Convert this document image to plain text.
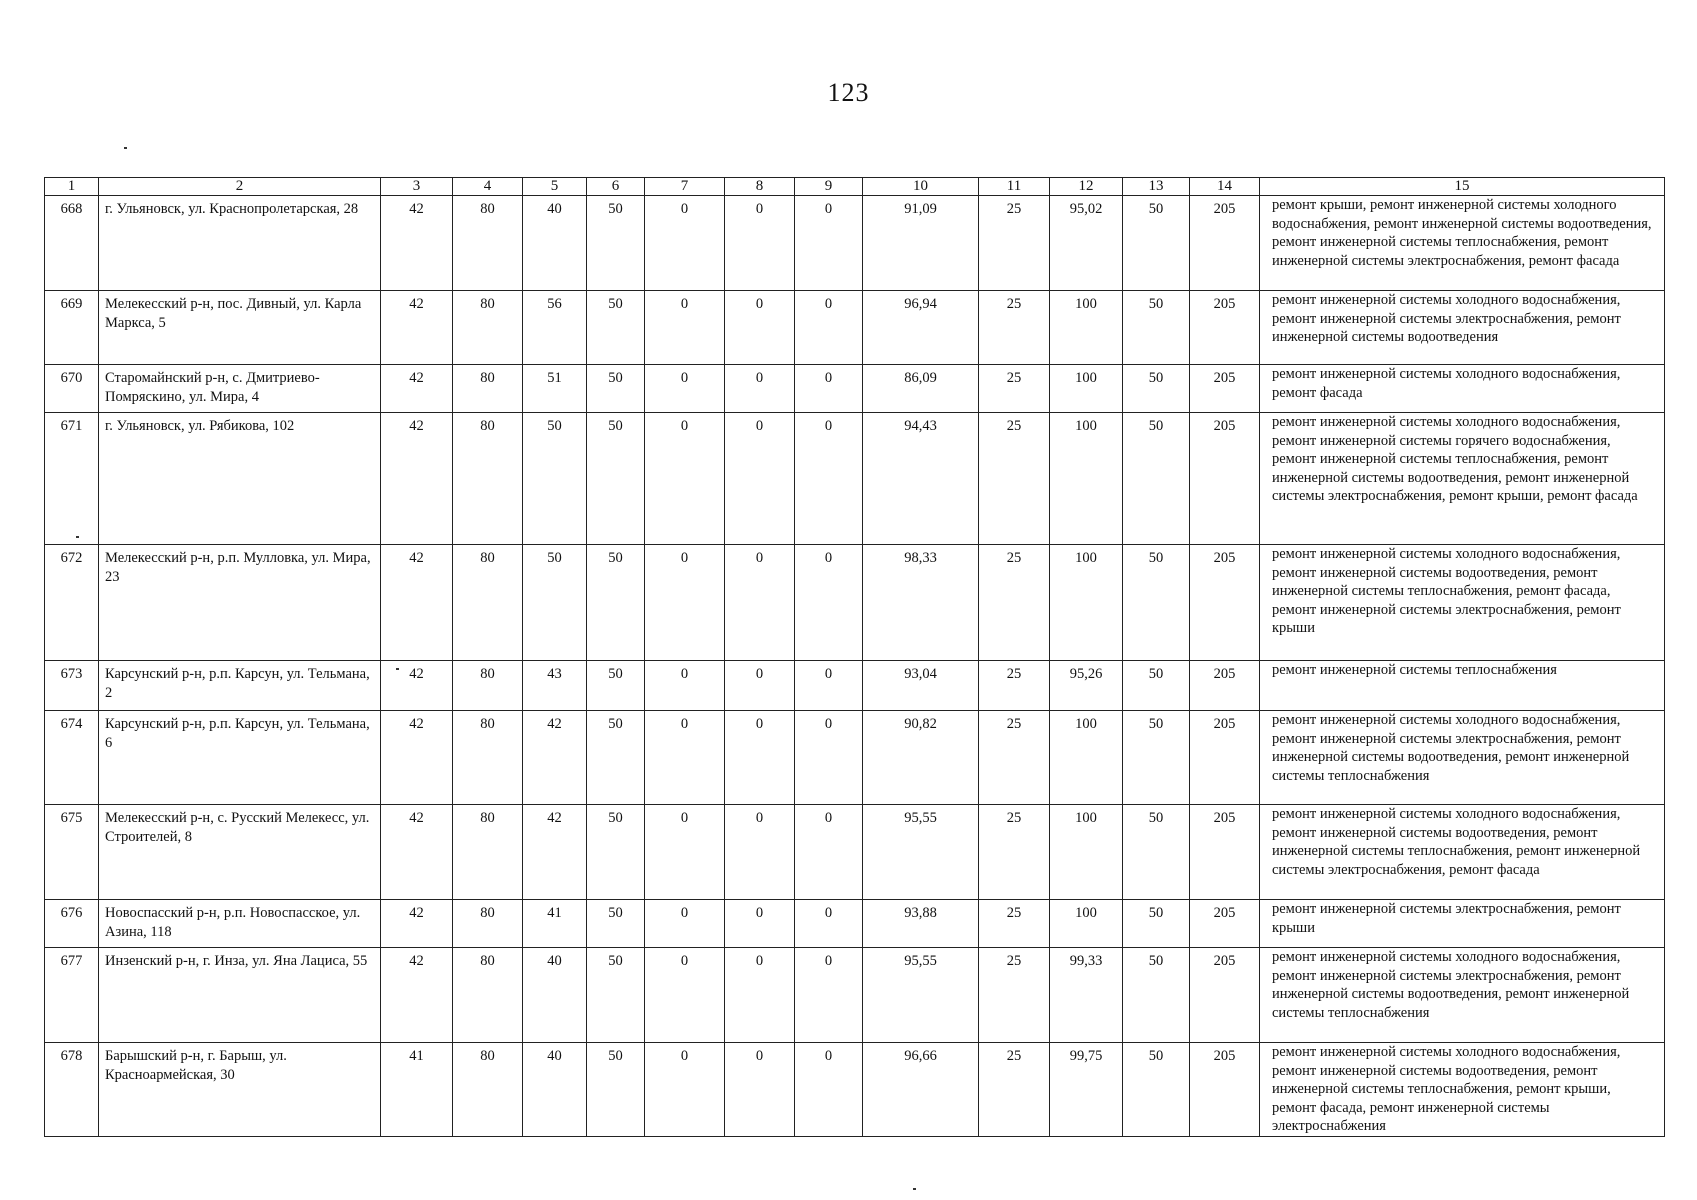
123
1	2	3	4	5	6	7	8	9	10	11	12	13	14	15
668	г. Ульяновск, ул. Краснопролетарская, 28	42	80	40	50	0	0	0	91,09	25	95,02	50	205	ремонт крыши, ремонт инженерной системы холодного водоснабжения, ремонт инженерной системы водоотведения, ремонт инженерной системы теплоснабжения, ремонт инженерной системы электроснабжения, ремонт фасада
669	Мелекесский р-н, пос. Дивный, ул. Карла Маркса, 5	42	80	56	50	0	0	0	96,94	25	100	50	205	ремонт инженерной системы холодного водоснабжения, ремонт инженерной системы электроснабжения, ремонт инженерной системы водоотведения
670	Старомайнский р-н, с. Дмитриево-Помряскино, ул. Мира, 4	42	80	51	50	0	0	0	86,09	25	100	50	205	ремонт инженерной системы холодного водоснабжения, ремонт фасада
671	г. Ульяновск, ул. Рябикова, 102	42	80	50	50	0	0	0	94,43	25	100	50	205	ремонт инженерной системы холодного водоснабжения, ремонт инженерной системы горячего водоснабжения, ремонт инженерной системы теплоснабжения, ремонт инженерной системы водоотведения, ремонт инженерной системы электроснабжения, ремонт крыши, ремонт фасада
672	Мелекесский р-н, р.п. Мулловка, ул. Мира, 23	42	80	50	50	0	0	0	98,33	25	100	50	205	ремонт инженерной системы холодного водоснабжения, ремонт инженерной системы водоотведения, ремонт инженерной системы теплоснабжения, ремонт фасада, ремонт инженерной системы электроснабжения, ремонт крыши
673	Карсунский р-н, р.п. Карсун, ул. Тельмана, 2	42	80	43	50	0	0	0	93,04	25	95,26	50	205	ремонт инженерной системы теплоснабжения
674	Карсунский р-н, р.п. Карсун, ул. Тельмана, 6	42	80	42	50	0	0	0	90,82	25	100	50	205	ремонт инженерной системы холодного водоснабжения, ремонт инженерной системы электроснабжения, ремонт инженерной системы водоотведения, ремонт инженерной системы теплоснабжения
675	Мелекесский р-н, с. Русский Мелекесс, ул. Строителей, 8	42	80	42	50	0	0	0	95,55	25	100	50	205	ремонт инженерной системы холодного водоснабжения, ремонт инженерной системы водоотведения, ремонт инженерной системы теплоснабжения, ремонт инженерной системы электроснабжения, ремонт фасада
676	Новоспасский р-н, р.п. Новоспасское, ул. Азина, 118	42	80	41	50	0	0	0	93,88	25	100	50	205	ремонт инженерной системы электроснабжения, ремонт крыши
677	Инзенский р-н, г. Инза, ул. Яна Лациса, 55	42	80	40	50	0	0	0	95,55	25	99,33	50	205	ремонт инженерной системы холодного водоснабжения, ремонт инженерной системы электроснабжения, ремонт инженерной системы водоотведения, ремонт инженерной системы теплоснабжения
678	Барышский р-н, г. Барыш, ул. Красноармейская, 30	41	80	40	50	0	0	0	96,66	25	99,75	50	205	ремонт инженерной системы холодного водоснабжения, ремонт инженерной системы водоотведения, ремонт инженерной системы теплоснабжения, ремонт крыши, ремонт фасада, ремонт инженерной системы электроснабжения
